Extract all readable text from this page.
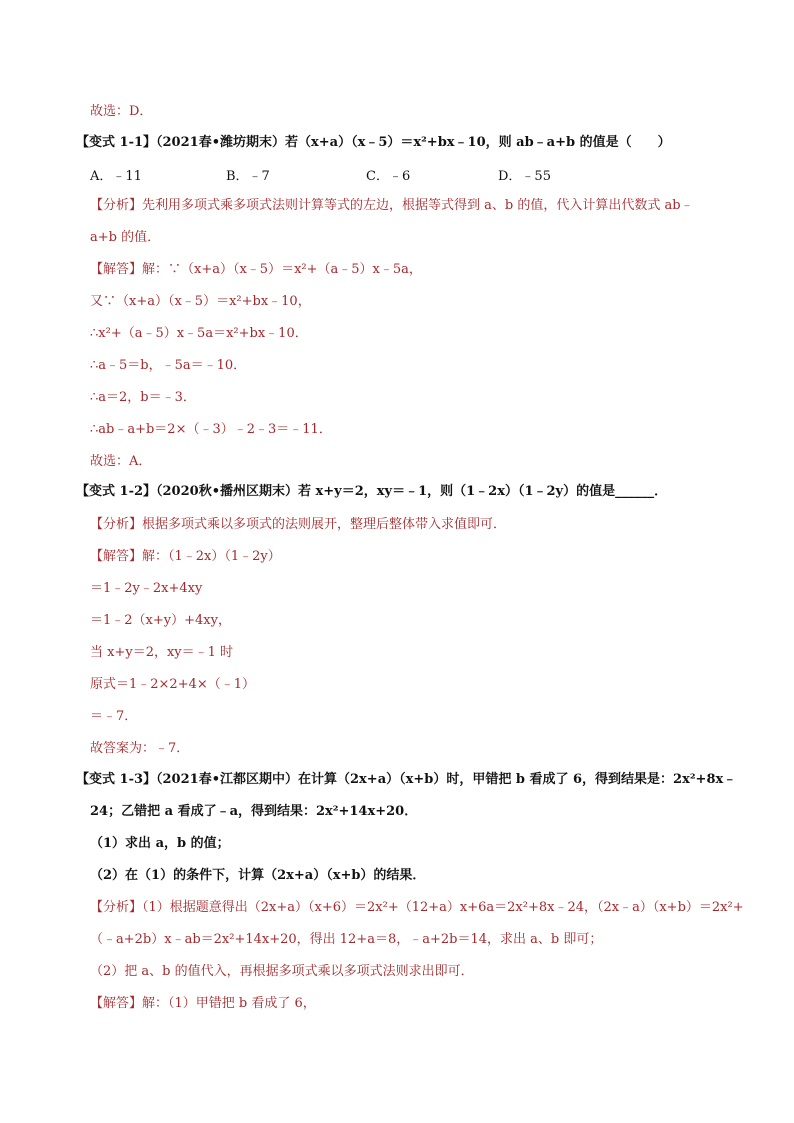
故选：D．
【变式 1-1】（2021春•潍坊期末）若（x+a）（x﹣5）＝x²+bx﹣10，则 ab﹣a+b 的值是（　　）
A．﹣11	B．﹣7	C．﹣6	D．﹣55
【分析】先利用多项式乘多项式法则计算等式的左边，根据等式得到 a、b 的值，代入计算出代数式 ab﹣
a+b 的值．
【解答】解：∵（x+a）（x﹣5）＝x²+（a﹣5）x﹣5a，
又∵（x+a）（x﹣5）＝x²+bx﹣10，
∴x²+（a﹣5）x﹣5a＝x²+bx﹣10．
∴a﹣5＝b，﹣5a＝﹣10．
∴a＝2，b＝﹣3．
∴ab﹣a+b＝2×（﹣3）﹣2﹣3＝﹣11．
故选：A．
【变式 1-2】（2020秋•播州区期末）若 x+y＝2，xy＝﹣1，则（1﹣2x）（1﹣2y）的值是______．
【分析】根据多项式乘以多项式的法则展开，整理后整体带入求值即可．
【解答】解：（1﹣2x）（1﹣2y）
＝1﹣2y﹣2x+4xy
＝1﹣2（x+y）+4xy，
当 x+y＝2，xy＝﹣1 时
原式＝1﹣2×2+4×（﹣1）
＝﹣7．
故答案为：﹣7．
【变式 1-3】（2021春•江都区期中）在计算（2x+a）（x+b）时，甲错把 b 看成了 6，得到结果是：2x²+8x﹣
24；乙错把 a 看成了﹣a，得到结果：2x²+14x+20．
（1）求出 a，b 的值；
（2）在（1）的条件下，计算（2x+a）（x+b）的结果．
【分析】（1）根据题意得出（2x+a）（x+6）＝2x²+（12+a）x+6a＝2x²+8x﹣24，（2x﹣a）（x+b）＝2x²+
（﹣a+2b）x﹣ab＝2x²+14x+20，得出 12+a＝8，﹣a+2b＝14，求出 a、b 即可；
（2）把 a、b 的值代入，再根据多项式乘以多项式法则求出即可．
【解答】解：（1）甲错把 b 看成了 6，
